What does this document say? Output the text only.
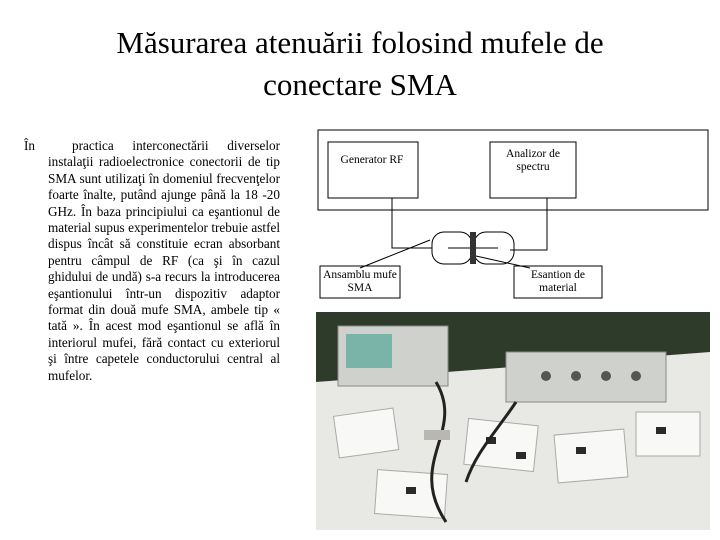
Măsurarea atenuării folosind mufele de
conectare SMA
În	practica interconectării diverselor instalaţii radioelectronice conectorii de tip SMA sunt utilizaţi în domeniul frecvenţelor foarte înalte, putând ajunge până la 18 -20 GHz. În baza principiului ca eşantionul de material supus experimentelor trebuie astfel dispus încât să constituie ecran absorbant pentru câmpul de RF (ca şi în cazul ghidului de undă) s-a recurs la introducerea eşantionului într-un dispozitiv adaptor format din două mufe SMA, ambele tip « tată ». În acest mod eşantionul se află în interiorul mufei, fără contact cu exteriorul şi între capetele conductorului central al mufelor.

Generator RF	Analizor de spectru
Ansamblu mufe SMA
Esantion de material
